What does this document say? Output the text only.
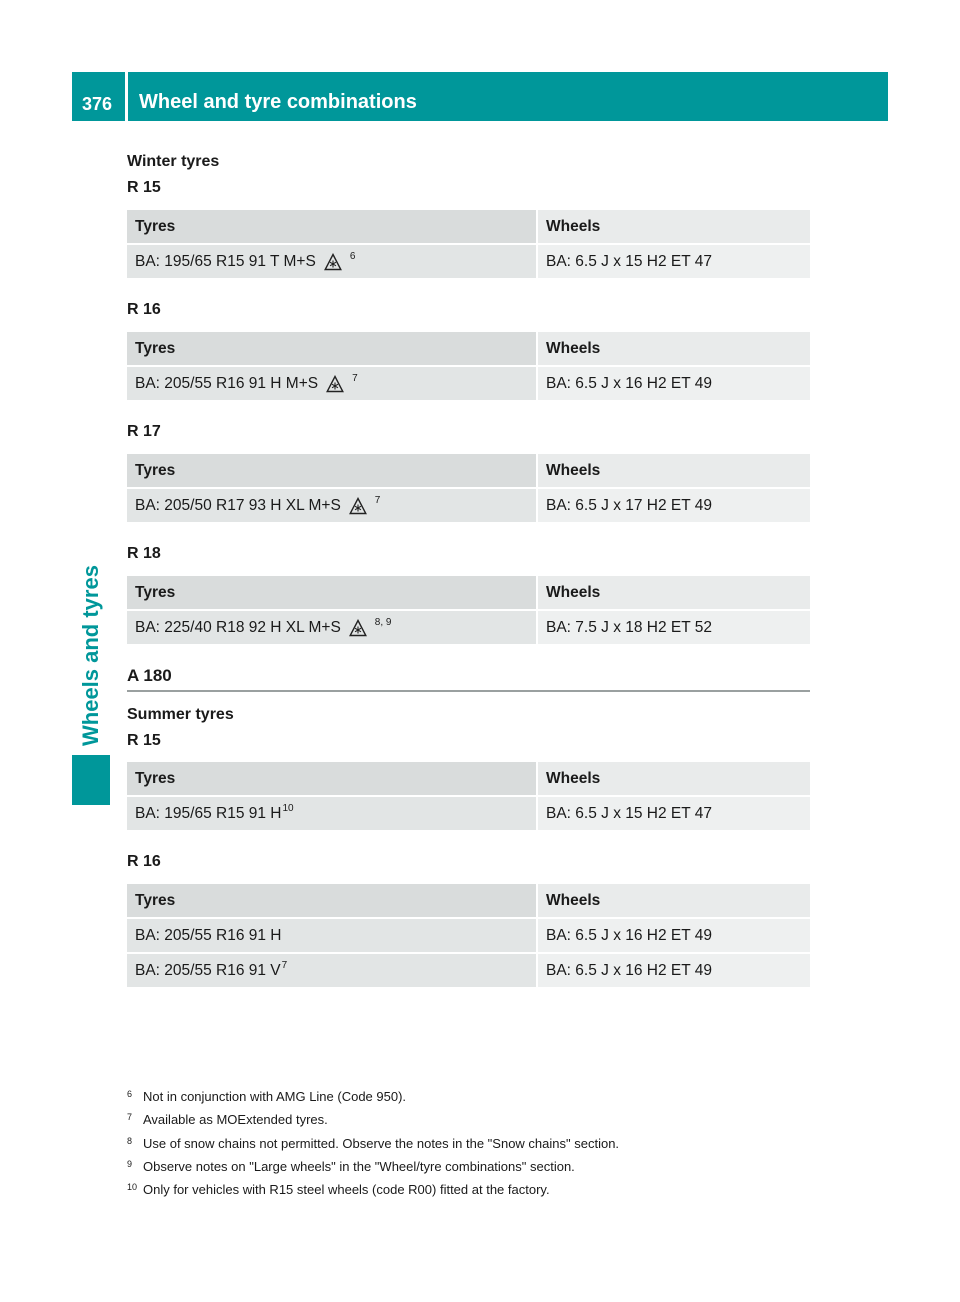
376 Wheel and tyre combinations
Wheels and tyres
Winter tyres
R 15
Tyres	Wheels
BA: 195/65 R15 91 T M+S $^6$	BA: 6.5 J x 15 H2 ET 47
R 16
Tyres	Wheels
BA: 205/55 R16 91 H M+S $^7$	BA: 6.5 J x 16 H2 ET 49
R 17
Tyres	Wheels
BA: 205/50 R17 93 H XL M+S $^7$	BA: 6.5 J x 17 H2 ET 49
R 18
Tyres	Wheels
BA: 225/40 R18 92 H XL M+S $^{8, 9}$	BA: 7.5 J x 18 H2 ET 52
A 180
Summer tyres
R 15
Tyres	Wheels
BA: 195/65 R15 91 $H^{10}$	BA: 6.5 J x 15 H2 ET 47
R 16
Tyres	Wheels
BA: 205/55 R16 91 H	BA: 6.5 J x 16 H2 ET 49
BA: 205/55 R16 91 $V^7$	BA: 6.5 J x 16 H2 ET 49
6 Not in conjunction with AMG Line (Code 950).
7 Available as MOExtended tyres.
8 Use of snow chains not permitted. Observe the notes in the "Snow chains" section.
9 Observe notes on "Large wheels" in the "Wheel/tyre combinations" section.
10 Only for vehicles with R15 steel wheels (code R00) fitted at the factory.
